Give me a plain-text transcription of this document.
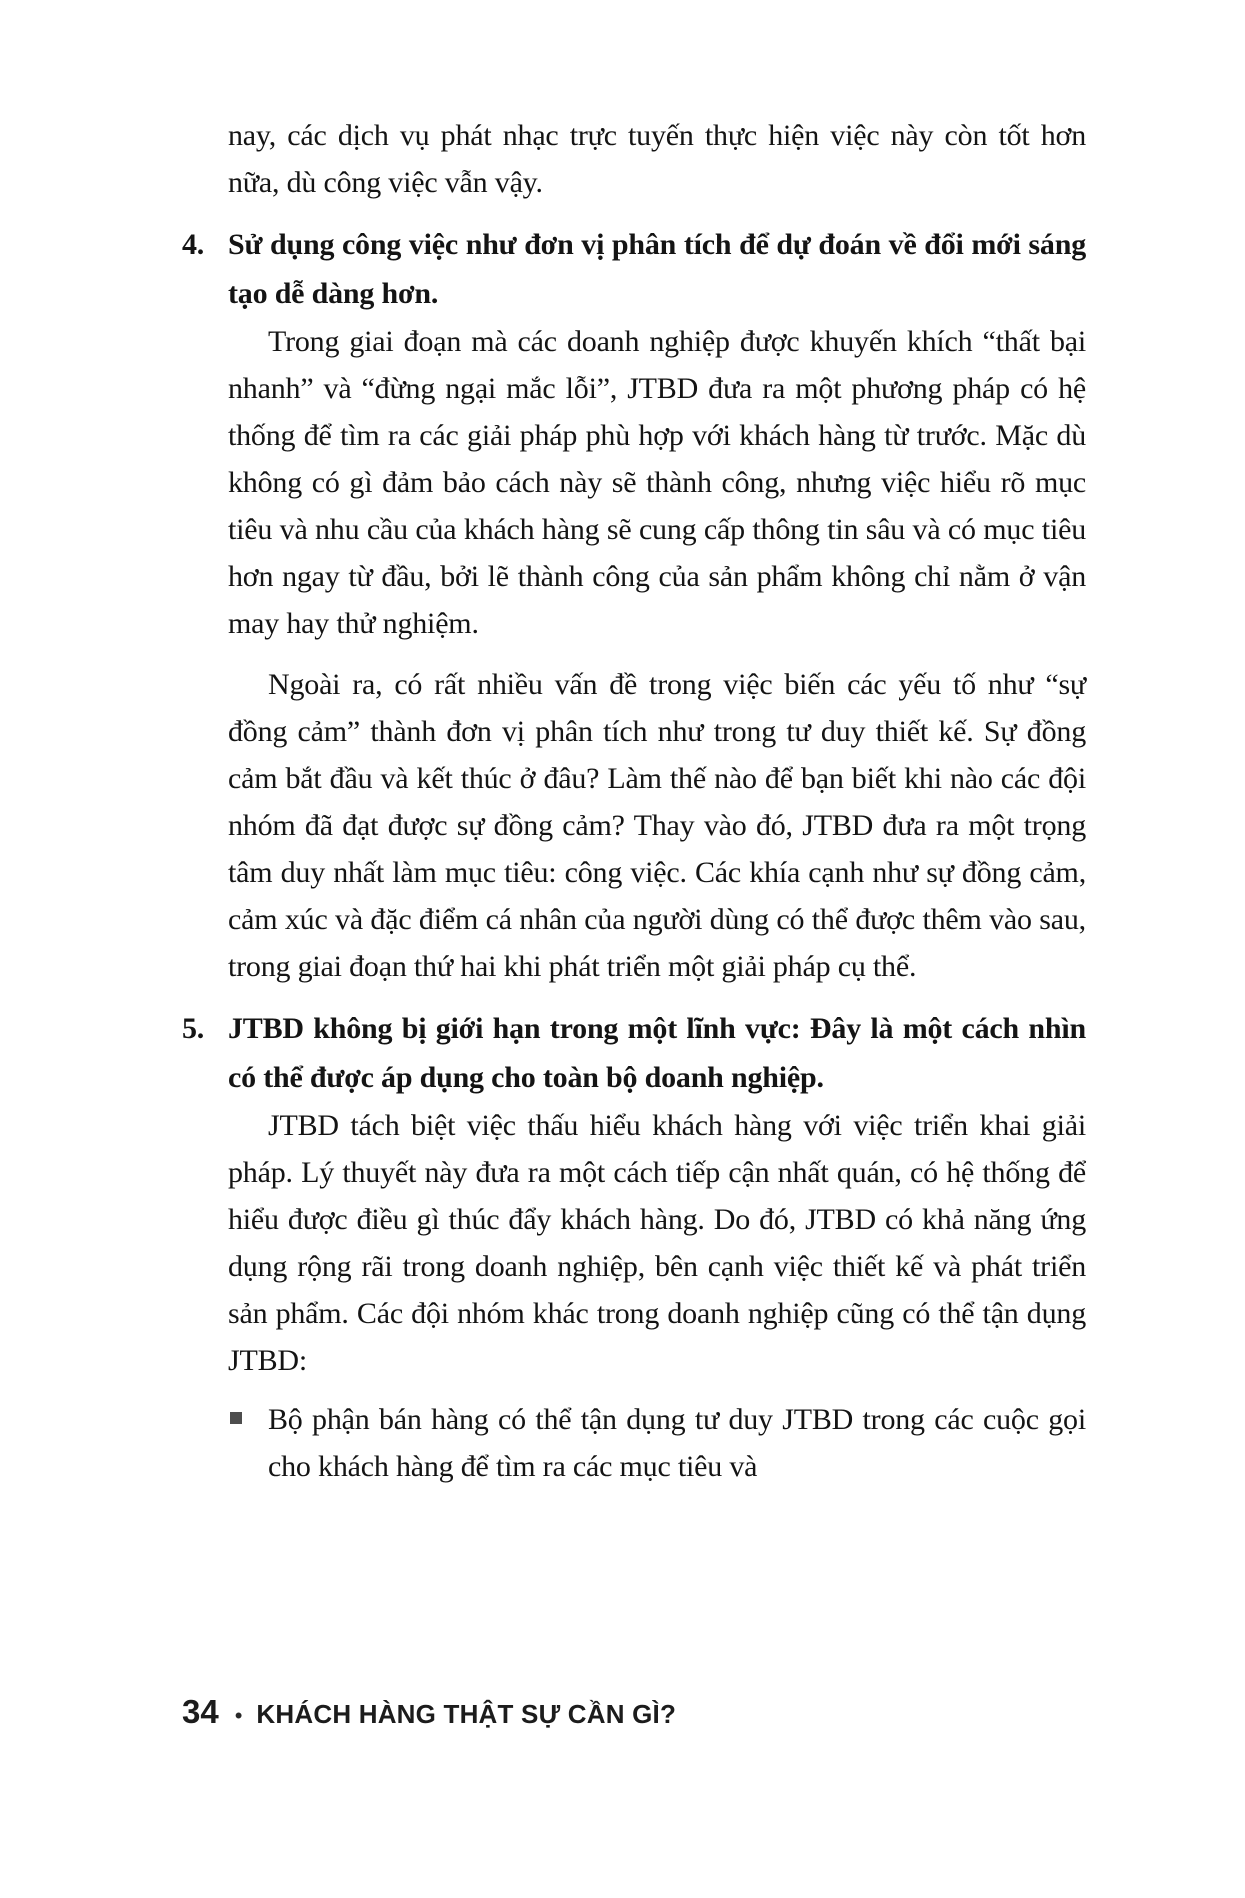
nay, các dịch vụ phát nhạc trực tuyến thực hiện việc này còn tốt hơn nữa, dù công việc vẫn vậy.

4. Sử dụng công việc như đơn vị phân tích để dự đoán về đổi mới sáng tạo dễ dàng hơn.

Trong giai đoạn mà các doanh nghiệp được khuyến khích “thất bại nhanh” và “đừng ngại mắc lỗi”, JTBD đưa ra một phương pháp có hệ thống để tìm ra các giải pháp phù hợp với khách hàng từ trước. Mặc dù không có gì đảm bảo cách này sẽ thành công, nhưng việc hiểu rõ mục tiêu và nhu cầu của khách hàng sẽ cung cấp thông tin sâu và có mục tiêu hơn ngay từ đầu, bởi lẽ thành công của sản phẩm không chỉ nằm ở vận may hay thử nghiệm.

Ngoài ra, có rất nhiều vấn đề trong việc biến các yếu tố như “sự đồng cảm” thành đơn vị phân tích như trong tư duy thiết kế. Sự đồng cảm bắt đầu và kết thúc ở đâu? Làm thế nào để bạn biết khi nào các đội nhóm đã đạt được sự đồng cảm? Thay vào đó, JTBD đưa ra một trọng tâm duy nhất làm mục tiêu: công việc. Các khía cạnh như sự đồng cảm, cảm xúc và đặc điểm cá nhân của người dùng có thể được thêm vào sau, trong giai đoạn thứ hai khi phát triển một giải pháp cụ thể.

5. JTBD không bị giới hạn trong một lĩnh vực: Đây là một cách nhìn có thể được áp dụng cho toàn bộ doanh nghiệp.

JTBD tách biệt việc thấu hiểu khách hàng với việc triển khai giải pháp. Lý thuyết này đưa ra một cách tiếp cận nhất quán, có hệ thống để hiểu được điều gì thúc đẩy khách hàng. Do đó, JTBD có khả năng ứng dụng rộng rãi trong doanh nghiệp, bên cạnh việc thiết kế và phát triển sản phẩm. Các đội nhóm khác trong doanh nghiệp cũng có thể tận dụng JTBD:

Bộ phận bán hàng có thể tận dụng tư duy JTBD trong các cuộc gọi cho khách hàng để tìm ra các mục tiêu và
34 • KHÁCH HÀNG THẬT SỰ CẦN GÌ?
